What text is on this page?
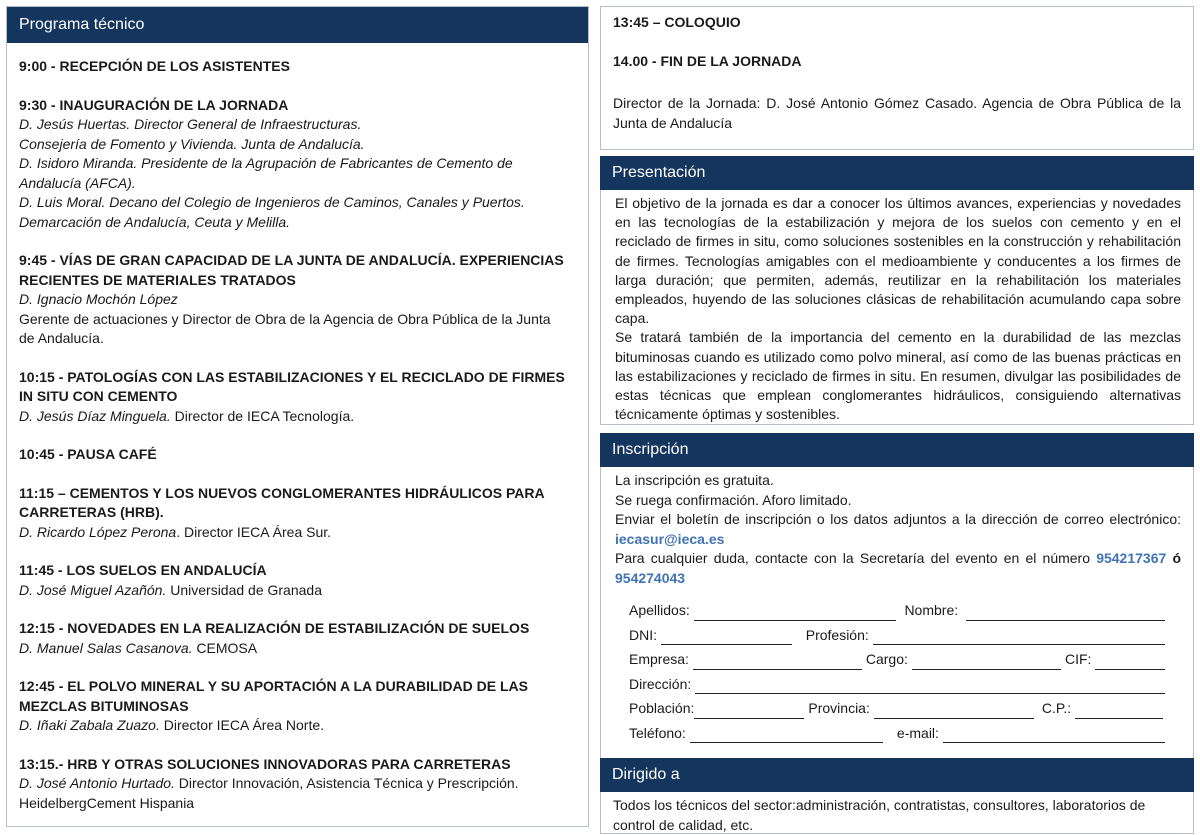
Programa técnico
9:00 - RECEPCIÓN DE LOS ASISTENTES
9:30 - INAUGURACIÓN DE LA JORNADA
D. Jesús Huertas. Director General de Infraestructuras.
Consejería de Fomento y Vivienda. Junta de Andalucía.
D. Isidoro Miranda. Presidente de la Agrupación de Fabricantes de Cemento de
Andalucía (AFCA).
D. Luis Moral. Decano del Colegio de Ingenieros de Caminos, Canales y Puertos.
Demarcación de Andalucía, Ceuta y Melilla.
9:45 - VÍAS DE GRAN CAPACIDAD DE LA JUNTA DE ANDALUCÍA. EXPERIENCIAS RECIENTES DE MATERIALES TRATADOS
D. Ignacio Mochón López
Gerente de actuaciones y Director de Obra de la Agencia de Obra Pública de la Junta
de Andalucía.
10:15 - PATOLOGÍAS CON LAS ESTABILIZACIONES Y EL RECICLADO DE FIRMES IN SITU CON CEMENTO
D. Jesús Díaz Minguela. Director de IECA Tecnología.
10:45 - PAUSA CAFÉ
11:15 – CEMENTOS Y LOS NUEVOS CONGLOMERANTES HIDRÁULICOS PARA CARRETERAS (HRB).
D. Ricardo López Perona. Director IECA Área Sur.
11:45 - LOS SUELOS EN ANDALUCÍA
D. José Miguel Azañón. Universidad de Granada
12:15 - NOVEDADES EN LA REALIZACIÓN DE ESTABILIZACIÓN DE SUELOS
D. Manuel Salas Casanova. CEMOSA
12:45 - EL POLVO MINERAL Y SU APORTACIÓN A LA DURABILIDAD DE LAS MEZCLAS BITUMINOSAS
D. Iñaki Zabala Zuazo. Director IECA Área Norte.
13:15.- HRB Y OTRAS SOLUCIONES INNOVADORAS PARA CARRETERAS
D. José Antonio Hurtado. Director Innovación, Asistencia Técnica y Prescripción.
HeidelbergCement Hispania
13:45 – COLOQUIO
14.00 - FIN DE LA JORNADA
Director de la Jornada: D. José Antonio Gómez Casado. Agencia de Obra Pública de la Junta de Andalucía
Presentación
El objetivo de la jornada es dar a conocer los últimos avances, experiencias y novedades en las tecnologías de la estabilización y mejora de los suelos con cemento y en el reciclado de firmes in situ, como soluciones sostenibles en la construcción y rehabilitación de firmes. Tecnologías amigables con el medioambiente y conducentes a los firmes de larga duración; que permiten, además, reutilizar en la rehabilitación los materiales empleados, huyendo de las soluciones clásicas de rehabilitación acumulando capa sobre capa.
Se tratará también de la importancia del cemento en la durabilidad de las mezclas bituminosas cuando es utilizado como polvo mineral, así como de las buenas prácticas en las estabilizaciones y reciclado de firmes in situ. En resumen, divulgar las posibilidades de estas técnicas que emplean conglomerantes hidráulicos, consiguiendo alternativas técnicamente óptimas y sostenibles.
Inscripción
La inscripción es gratuita.
Se ruega confirmación. Aforo limitado.
Enviar el boletín de inscripción o los datos adjuntos a la dirección de correo electrónico: iecasur@ieca.es
Para cualquier duda, contacte con la Secretaría del evento en el número 954217367 ó 954274043
Apellidos:	Nombre:
DNI:	Profesión:
Empresa:	Cargo:	CIF:
Dirección:
Población:	Provincia:	C.P.:
Teléfono:	e-mail:
Dirigido a
Todos los técnicos del sector:administración, contratistas, consultores, laboratorios de control de calidad, etc.
